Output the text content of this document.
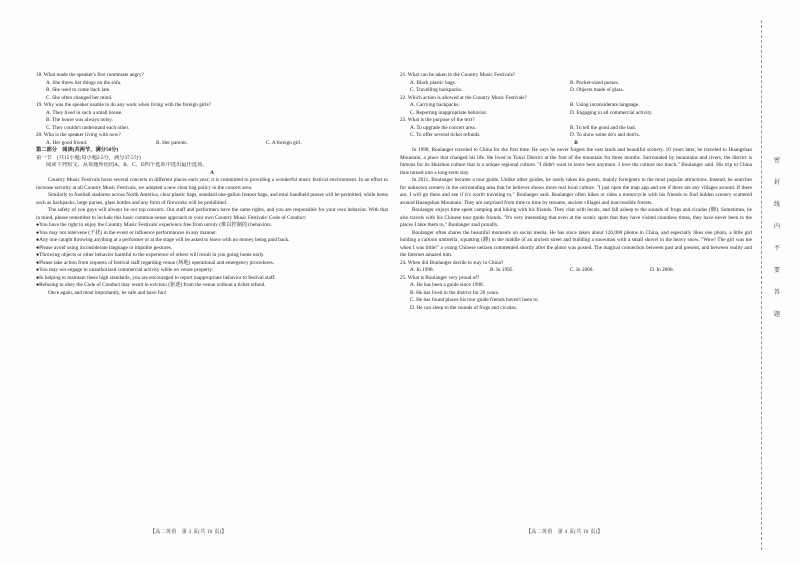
密
封
线
内
不
要
答
题
18. What made the speaker's first roommate angry?
A. She threw her things on the sofa.
B. She used to come back late.
C. She often changed her mind.
19. Why was the speaker unable to do any work when living with the foreign girls?
A. They lived in such a small house.
B. The house was always noisy.
C. They couldn't understand each other.
20. Who is the speaker living with now?
A. Her good friend.	B. Her parents.	C. A foreign girl.
第二部分　阅读(共两节，满分50分)
第一节　(共15小题;每小题2.5分，满分37.5分)
阅读下列短文，从每题所给的A、B、C、D四个选项中选出最佳选项。
A
Country Music Festivals hosts several concerts in different places each year; it is committed to providing a wonderful music festival environment. In an effort to increase security at all Country Music Festivals, we adopted a new clear bag policy in the concert area.
Similarly to football stadiums across North America, clear plastic bags, standard one-gallon freezer bags, and mini handheld purses will be permitted, while items such as backpacks, large purses, glass bottles and any form of fireworks will be prohibited.
The safety of you guys will always be our top concern. Our staff and performers have the same rights, and you are responsible for your own behavior. With that in mind, please remember to include this basic common-sense approach to your own Country Music Festivals' Code of Conduct:
●You have the right to enjoy the Country Music Festivals' experience free from unruly (难以控制的) behaviors.
●You may not intervene (干扰) in the event or influence performances in any manner.
●Any one caught throwing anything at a performer or at the stage will be asked to leave with no money being paid back.
●Please avoid using inconsiderate language or impolite gestures.
●Throwing objects or other behavior harmful to the experience of others will result in you going home early.
●Please take action from requests of festival staff regarding venue (场地) operational and emergency procedures.
●You may not engage in unauthorized commercial activity while on venue property.
●In helping to maintain these high standards, you are encouraged to report inappropriate behavior to festival staff.
●Refusing to obey the Code of Conduct may result in eviction (驱逐) from the venue without a ticket refund.
Once again, and most importantly, be safe and have fun!
21. What can be taken to the Country Music Festivals?
A. Black plastic bags.	B. Pocket-sized purses.
C. Travelling backpacks.	D. Objects made of glass.
22. Which action is allowed at the Country Music Festivals?
A. Carrying backpacks.	B. Using inconsiderate language.
C. Reporting inappropriate behavior.	D. Engaging in all commercial activity.
23. What is the purpose of the text?
A. To upgrade the concert area.	B. To tell the good and the bad.
C. To offer several ticket refunds.	D. To show some do's and don'ts.
B
In 1998, Boulanger traveled to China for the first time. He says he never forgets the vast lands and beautiful scenery. 10 years later, he traveled to Huangshan Mountain, a place that changed his life. He lived in Tunxi District at the foot of the mountain for three months. Surrounded by mountains and rivers, the district is famous for its Huizhou culture that is a unique regional culture. "I didn't want to leave here anymore. I love the culture too much," Boulanger said. His trip to China thus turned into a long-term stay.
In 2011, Boulanger became a tour guide. Unlike other guides, he rarely takes his guests, mainly foreigners to the most popular attractions. Instead, he searches for unknown scenery in the surrounding area that he believes shows more real local culture. "I just open the map app and see if there are any villages around. If there are, I will go there and see if it's worth traveling to," Boulanger said. Boulanger often hikes or rides a motorcycle with his friends to find hidden scenery scattered around Huangshan Mountain. They are surprised from time to time by streams, ancient villages and inaccessible forests.
Boulanger enjoys time spent camping and hiking with his friends. They chat with locals, and fall asleep to the sounds of frogs and cicadas (蝉). Sometimes, he also travels with his Chinese tour guide friends. "It's very interesting that even at the scenic spots that they have visited countless times, they have never been to the places I take them to," Boulanger said proudly.
Boulanger often shares the beautiful moments on social media. He has since taken about 120,000 photos in China, and especially likes one photo, a little girl holding a cartoon umbrella, squatting (蹲) in the middle of an ancient street and building a snowman with a small shovel in the heavy snow. "Wow! The girl was me when I was little!" a young Chinese netizen commented shortly after the photo was posted. The magical connection between past and present, and between reality and the Internet amazed him.
24. When did Boulanger decide to stay in China?
A. In 1998.	B. In 1995.	C. In 2000.	D. In 2008.
25. What is Boulanger very proud of?
A. He has been a guide since 1998.
B. He has lived in the district for 20 years.
C. He has found places his tour guide friends haven't been to.
D. He can sleep to the sounds of frogs and cicadas.
【高二英语　第 3 页(共 10 页)】	【高二英语　第 4 页(共 10 页)】
